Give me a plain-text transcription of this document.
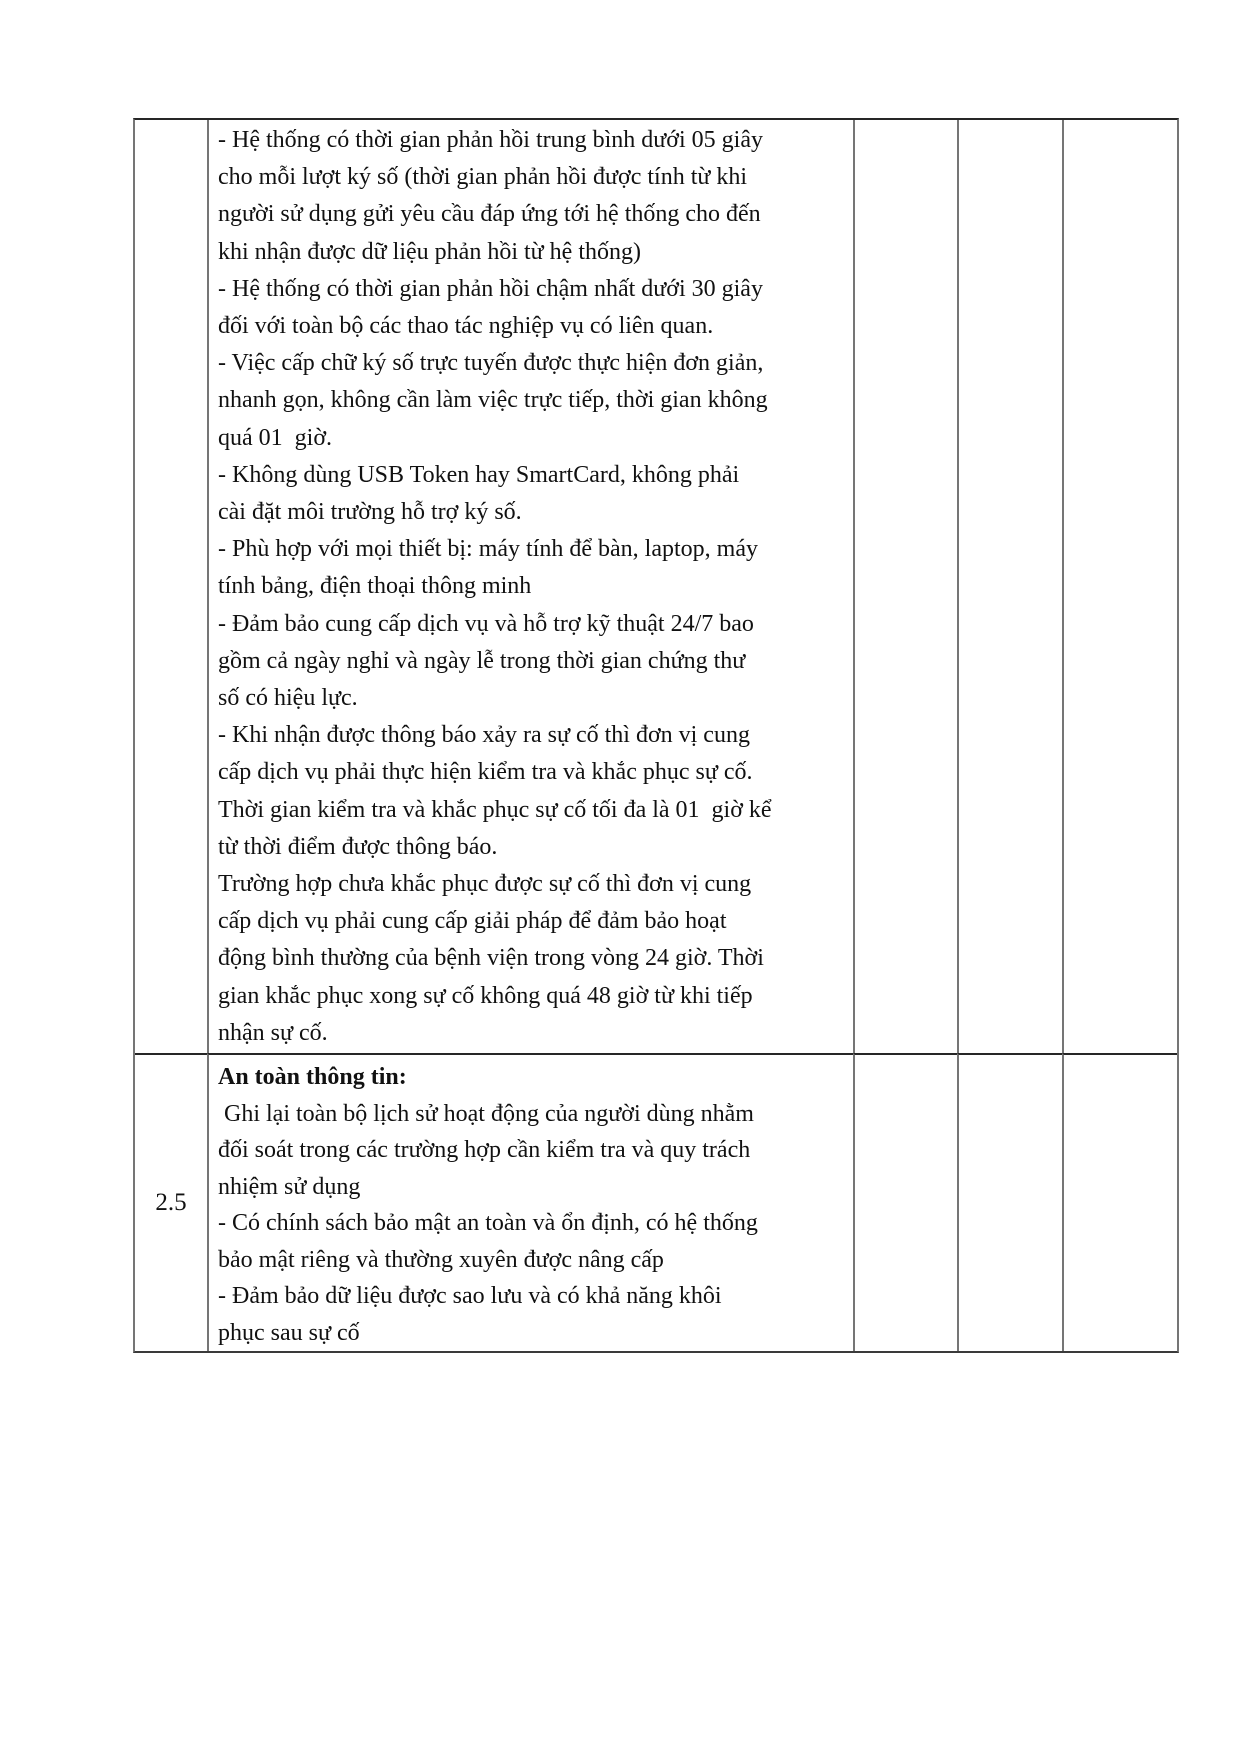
- Hệ thống có thời gian phản hồi trung bình dưới 05 giây
cho mỗi lượt ký số (thời gian phản hồi được tính từ khi
người sử dụng gửi yêu cầu đáp ứng tới hệ thống cho đến
khi nhận được dữ liệu phản hồi từ hệ thống)
- Hệ thống có thời gian phản hồi chậm nhất dưới 30 giây
đối với toàn bộ các thao tác nghiệp vụ có liên quan.
- Việc cấp chữ ký số trực tuyến được thực hiện đơn giản,
nhanh gọn, không cần làm việc trực tiếp, thời gian không
quá 01  giờ.
- Không dùng USB Token hay SmartCard, không phải
cài đặt môi trường hỗ trợ ký số.
- Phù hợp với mọi thiết bị: máy tính để bàn, laptop, máy
tính bảng, điện thoại thông minh
- Đảm bảo cung cấp dịch vụ và hỗ trợ kỹ thuật 24/7 bao
gồm cả ngày nghỉ và ngày lễ trong thời gian chứng thư
số có hiệu lực.
- Khi nhận được thông báo xảy ra sự cố thì đơn vị cung
cấp dịch vụ phải thực hiện kiểm tra và khắc phục sự cố.
Thời gian kiểm tra và khắc phục sự cố tối đa là 01  giờ kể
từ thời điểm được thông báo.
Trường hợp chưa khắc phục được sự cố thì đơn vị cung
cấp dịch vụ phải cung cấp giải pháp để đảm bảo hoạt
động bình thường của bệnh viện trong vòng 24 giờ. Thời
gian khắc phục xong sự cố không quá 48 giờ từ khi tiếp
nhận sự cố.
2.5
An toàn thông tin:
Ghi lại toàn bộ lịch sử hoạt động của người dùng nhằm
đối soát trong các trường hợp cần kiểm tra và quy trách
nhiệm sử dụng
- Có chính sách bảo mật an toàn và ổn định, có hệ thống
bảo mật riêng và thường xuyên được nâng cấp
- Đảm bảo dữ liệu được sao lưu và có khả năng khôi
phục sau sự cố
